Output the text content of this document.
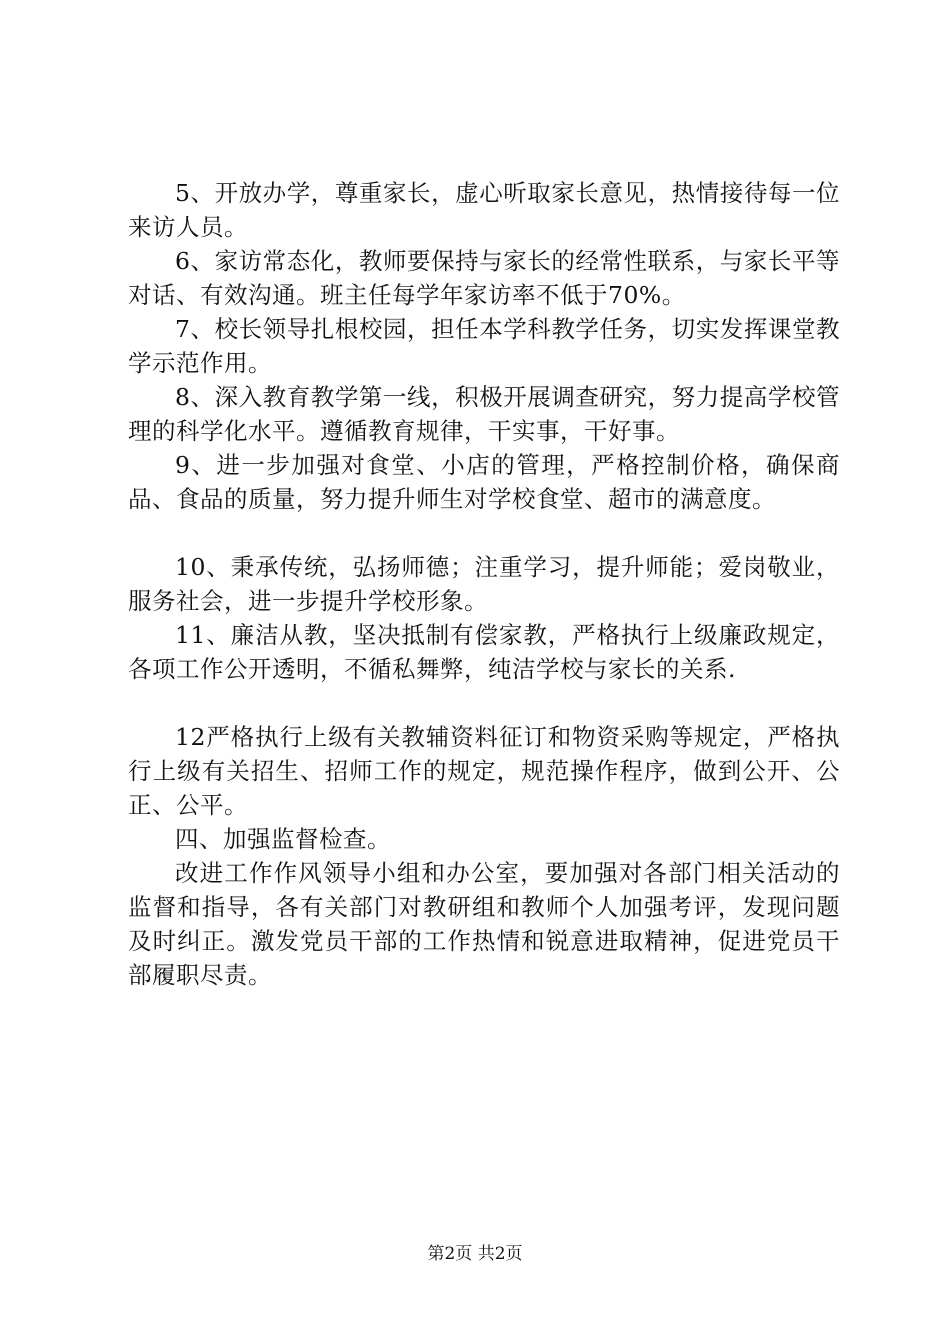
5、开放办学，尊重家长，虚心听取家长意见，热情接待每一位来访人员。

6、家访常态化，教师要保持与家长的经常性联系，与家长平等对话、有效沟通。班主任每学年家访率不低于70%。

7、校长领导扎根校园，担任本学科教学任务，切实发挥课堂教学示范作用。

8、深入教育教学第一线，积极开展调查研究，努力提高学校管理的科学化水平。遵循教育规律，干实事，干好事。

9、进一步加强对食堂、小店的管理，严格控制价格，确保商品、食品的质量，努力提升师生对学校食堂、超市的满意度。

10、秉承传统，弘扬师德；注重学习，提升师能；爱岗敬业，服务社会，进一步提升学校形象。

11、廉洁从教，坚决抵制有偿家教，严格执行上级廉政规定，各项工作公开透明，不循私舞弊，纯洁学校与家长的关系.

12严格执行上级有关教辅资料征订和物资采购等规定，严格执行上级有关招生、招师工作的规定，规范操作程序，做到公开、公正、公平。

四、加强监督检查。

改进工作作风领导小组和办公室，要加强对各部门相关活动的监督和指导，各有关部门对教研组和教师个人加强考评，发现问题及时纠正。激发党员干部的工作热情和锐意进取精神，促进党员干部履职尽责。

第2页 共2页
